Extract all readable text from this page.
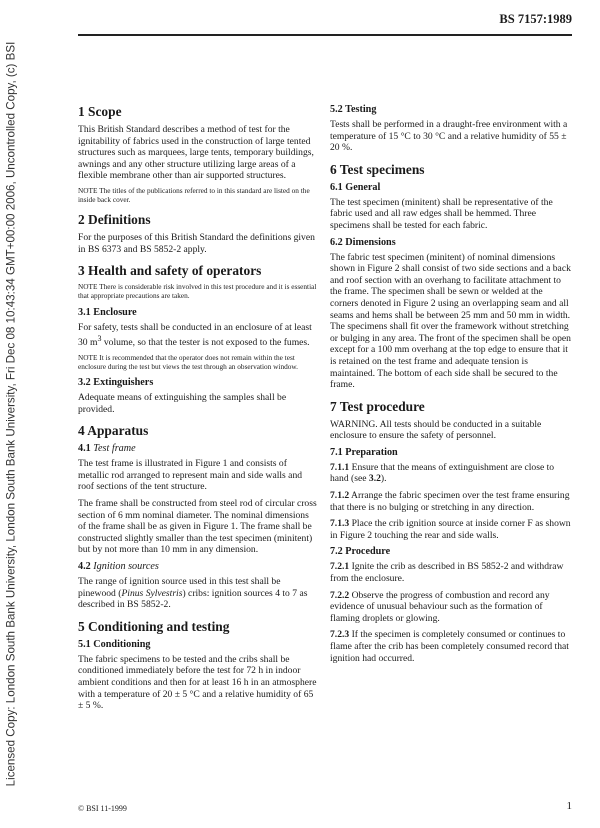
Licensed Copy: London South Bank University, London South Bank University, Fri Dec 08 10:43:34 GMT+00:00 2006, Uncontrolled Copy, (c) BSI
BS 7157:1989
1 Scope

This British Standard describes a method of test for the ignitability of fabrics used in the construction of large tented structures such as marquees, large tents, temporary buildings, awnings and any other structure utilizing large areas of a flexible membrane other than air supported structures.

NOTE The titles of the publications referred to in this standard are listed on the inside back cover.
2 Definitions

For the purposes of this British Standard the definitions given in BS 6373 and BS 5852-2 apply.

3 Health and safety of operators
NOTE There is considerable risk involved in this test procedure and it is essential that appropriate precautions are taken.
3.1 Enclosure

For safety, tests shall be conducted in an enclosure of at least 30 $m^3$ volume, so that the tester is not exposed to the fumes.

NOTE It is recommended that the operator does not remain within the test enclosure during the test but views the test through an observation window.
3.2 Extinguishers

Adequate means of extinguishing the samples shall be provided.

4 Apparatus
4.1 Test frame

The test frame is illustrated in Figure 1 and consists of metallic rod arranged to represent main and side walls and roof sections of the tent structure.

The frame shall be constructed from steel rod of circular cross section of 6 mm nominal diameter. The nominal dimensions of the frame shall be as given in Figure 1. The frame shall be constructed slightly smaller than the test specimen (minitent) but by not more than 10 mm in any dimension.

4.2 Ignition sources

The range of ignition source used in this test shall be pinewood (Pinus Sylvestris) cribs: ignition sources 4 to 7 as described in BS 5852-2.

5 Conditioning and testing
5.1 Conditioning

The fabric specimens to be tested and the cribs shall be conditioned immediately before the test for 72 h in indoor ambient conditions and then for at least 16 h in an atmosphere with a temperature of 20 ± 5 °C and a relative humidity of 65 ± 5 %.

5.2 Testing

Tests shall be performed in a draught-free environment with a temperature of 15 °C to 30 °C and a relative humidity of 55 ± 20 %.

6 Test specimens
6.1 General

The test specimen (minitent) shall be representative of the fabric used and all raw edges shall be hemmed. Three specimens shall be tested for each fabric.

6.2 Dimensions

The fabric test specimen (minitent) of nominal dimensions shown in Figure 2 shall consist of two side sections and a back and roof section with an overhang to facilitate attachment to the frame. The specimen shall be sewn or welded at the corners denoted in Figure 2 using an overlapping seam and all seams and hems shall be between 25 mm and 50 mm in width. The specimens shall fit over the framework without stretching or bulging in any area. The front of the specimen shall be open except for a 100 mm overhang at the top edge to ensure that it is retained on the test frame and adequate tension is maintained. The bottom of each side shall be secured to the frame.

7 Test procedure

WARNING. All tests should be conducted in a suitable enclosure to ensure the safety of personnel.

7.1 Preparation

7.1.1 Ensure that the means of extinguishment are close to hand (see 3.2).

7.1.2 Arrange the fabric specimen over the test frame ensuring that there is no bulging or stretching in any direction.

7.1.3 Place the crib ignition source at inside corner F as shown in Figure 2 touching the rear and side walls.

7.2 Procedure

7.2.1 Ignite the crib as described in BS 5852-2 and withdraw from the enclosure.

7.2.2 Observe the progress of combustion and record any evidence of unusual behaviour such as the formation of flaming droplets or glowing.

7.2.3 If the specimen is completely consumed or continues to flame after the crib has been completely consumed record that ignition had occurred.

© BSI 11-1999	1
